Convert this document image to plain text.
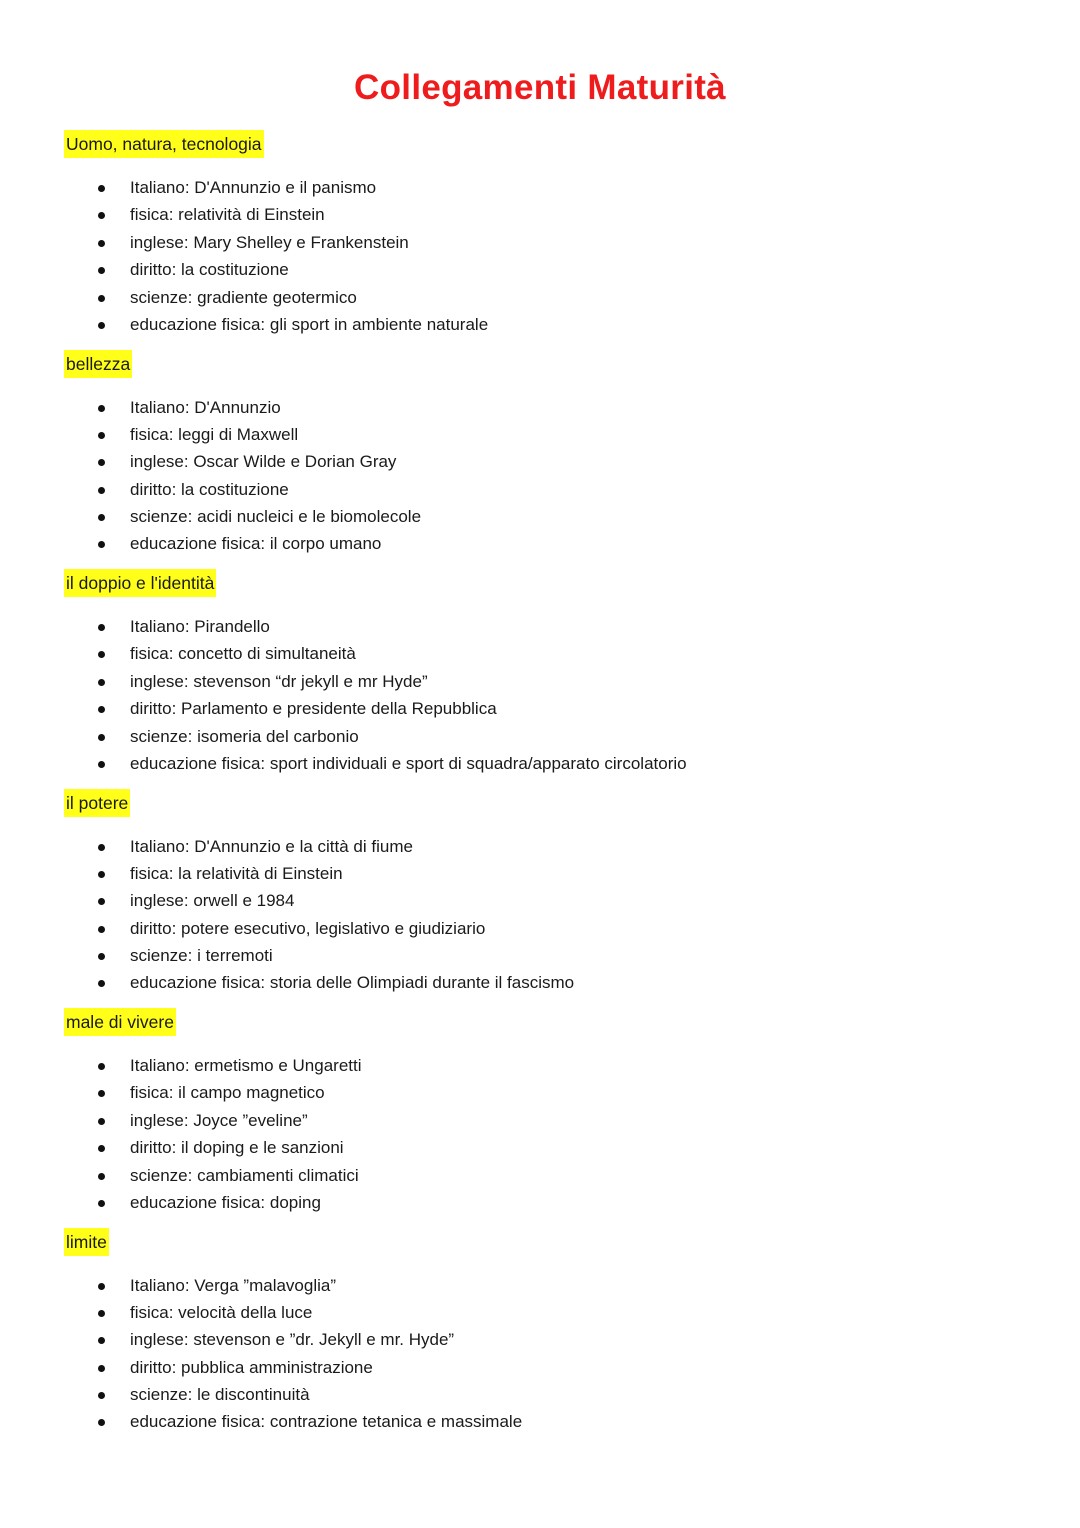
Collegamenti Maturità
Uomo, natura, tecnologia
Italiano: D'Annunzio e il panismo
fisica: relatività di Einstein
inglese: Mary Shelley e Frankenstein
diritto: la costituzione
scienze: gradiente geotermico
educazione fisica: gli sport in ambiente naturale
bellezza
Italiano: D'Annunzio
fisica: leggi di Maxwell
inglese: Oscar Wilde e Dorian Gray
diritto: la costituzione
scienze: acidi nucleici e le biomolecole
educazione fisica: il corpo umano
il doppio e l'identità
Italiano: Pirandello
fisica: concetto di simultaneità
inglese: stevenson “dr jekyll e mr Hyde”
diritto: Parlamento e presidente della Repubblica
scienze: isomeria del carbonio
educazione fisica: sport individuali e sport di squadra/apparato circolatorio
il potere
Italiano: D'Annunzio e la città di fiume
fisica: la relatività di Einstein
inglese: orwell e 1984
diritto: potere esecutivo, legislativo e giudiziario
scienze: i terremoti
educazione fisica: storia delle Olimpiadi durante il fascismo
male di vivere
Italiano: ermetismo e Ungaretti
fisica: il campo magnetico
inglese: Joyce ”eveline”
diritto: il doping e le sanzioni
scienze: cambiamenti climatici
educazione fisica: doping
limite
Italiano: Verga ”malavoglia”
fisica: velocità della luce
inglese: stevenson e ”dr. Jekyll e mr. Hyde”
diritto: pubblica amministrazione
scienze: le discontinuità
educazione fisica: contrazione tetanica e massimale
